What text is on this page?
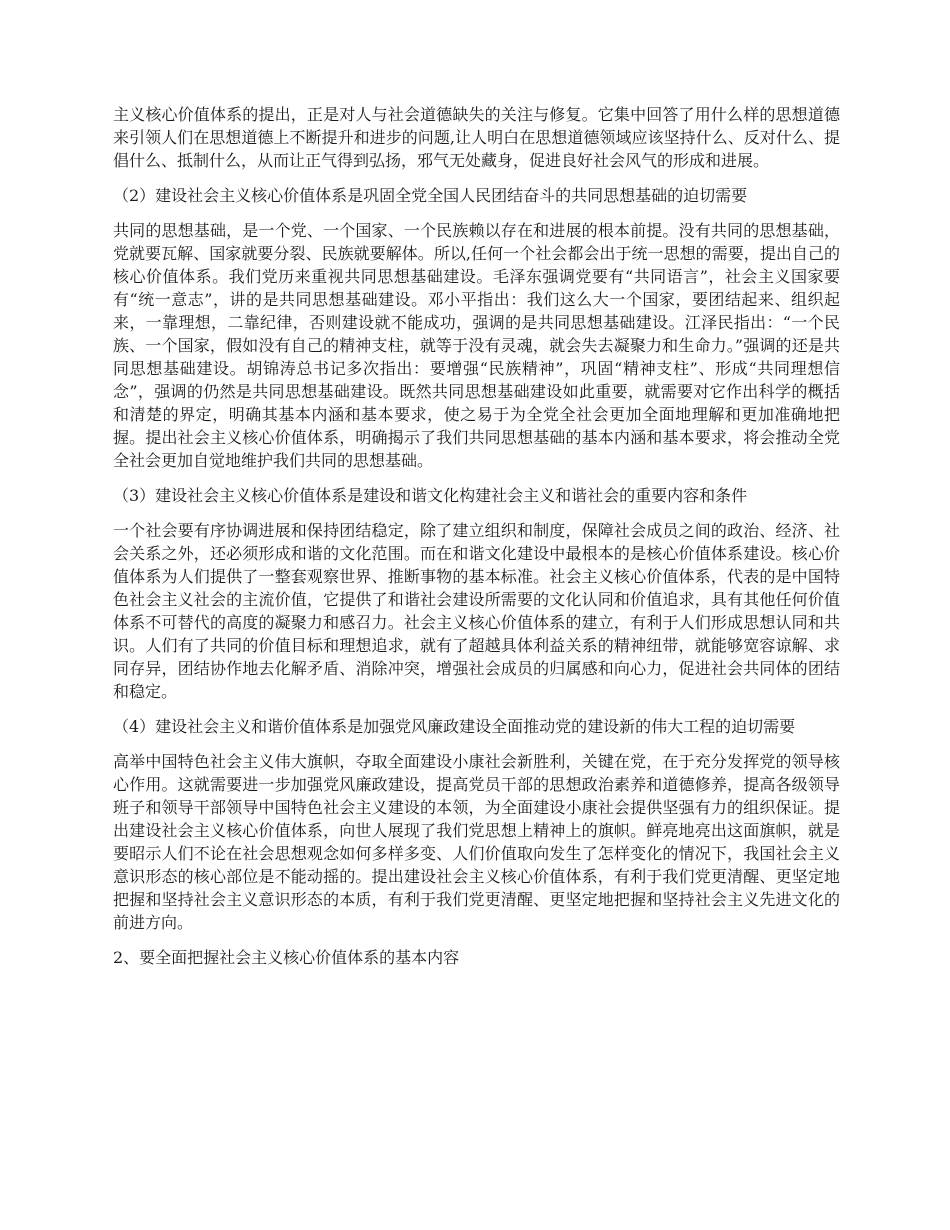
主义核心价值体系的提出，正是对人与社会道德缺失的关注与修复。它集中回答了用什么样的思想道德来引领人们在思想道德上不断提升和进步的问题,让人明白在思想道德领域应该坚持什么、反对什么、提倡什么、抵制什么，从而让正气得到弘扬，邪气无处藏身，促进良好社会风气的形成和进展。

（2）建设社会主义核心价值体系是巩固全党全国人民团结奋斗的共同思想基础的迫切需要

共同的思想基础，是一个党、一个国家、一个民族赖以存在和进展的根本前提。没有共同的思想基础，党就要瓦解、国家就要分裂、民族就要解体。所以,任何一个社会都会出于统一思想的需要，提出自己的核心价值体系。我们党历来重视共同思想基础建设。毛泽东强调党要有“共同语言”，社会主义国家要有“统一意志”，讲的是共同思想基础建设。邓小平指出：我们这么大一个国家，要团结起来、组织起来，一靠理想，二靠纪律，否则建设就不能成功，强调的是共同思想基础建设。江泽民指出：“一个民族、一个国家，假如没有自己的精神支柱，就等于没有灵魂，就会失去凝聚力和生命力。”强调的还是共同思想基础建设。胡锦涛总书记多次指出：要增强“民族精神”，巩固“精神支柱”、形成“共同理想信念”，强调的仍然是共同思想基础建设。既然共同思想基础建设如此重要，就需要对它作出科学的概括和清楚的界定，明确其基本内涵和基本要求，使之易于为全党全社会更加全面地理解和更加准确地把握。提出社会主义核心价值体系，明确揭示了我们共同思想基础的基本内涵和基本要求，将会推动全党全社会更加自觉地维护我们共同的思想基础。

（3）建设社会主义核心价值体系是建设和谐文化构建社会主义和谐社会的重要内容和条件

一个社会要有序协调进展和保持团结稳定，除了建立组织和制度，保障社会成员之间的政治、经济、社会关系之外，还必须形成和谐的文化范围。而在和谐文化建设中最根本的是核心价值体系建设。核心价值体系为人们提供了一整套观察世界、推断事物的基本标准。社会主义核心价值体系，代表的是中国特色社会主义社会的主流价值，它提供了和谐社会建设所需要的文化认同和价值追求，具有其他任何价值体系不可替代的高度的凝聚力和感召力。社会主义核心价值体系的建立，有利于人们形成思想认同和共识。人们有了共同的价值目标和理想追求，就有了超越具体利益关系的精神纽带，就能够宽容谅解、求同存异，团结协作地去化解矛盾、消除冲突，增强社会成员的归属感和向心力，促进社会共同体的团结和稳定。

（4）建设社会主义和谐价值体系是加强党风廉政建设全面推动党的建设新的伟大工程的迫切需要

高举中国特色社会主义伟大旗帜，夺取全面建设小康社会新胜利，关键在党，在于充分发挥党的领导核心作用。这就需要进一步加强党风廉政建设，提高党员干部的思想政治素养和道德修养，提高各级领导班子和领导干部领导中国特色社会主义建设的本领，为全面建设小康社会提供坚强有力的组织保证。提出建设社会主义核心价值体系，向世人展现了我们党思想上精神上的旗帜。鲜亮地亮出这面旗帜，就是要昭示人们不论在社会思想观念如何多样多变、人们价值取向发生了怎样变化的情况下，我国社会主义意识形态的核心部位是不能动摇的。提出建设社会主义核心价值体系，有利于我们党更清醒、更坚定地把握和坚持社会主义意识形态的本质，有利于我们党更清醒、更坚定地把握和坚持社会主义先进文化的前进方向。

2、要全面把握社会主义核心价值体系的基本内容
